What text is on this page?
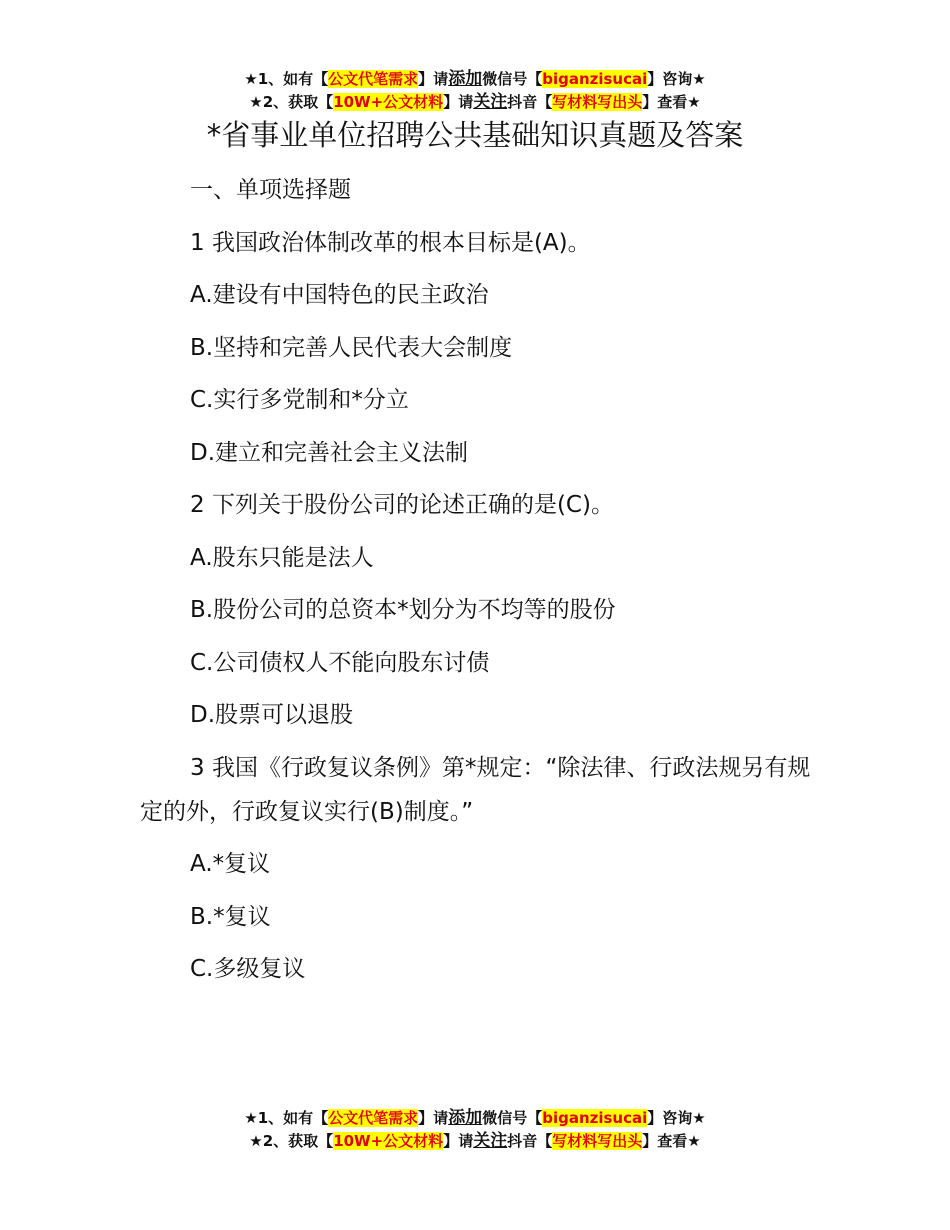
★1、如有【公文代笔需求】请添加微信号【biganzisucai】咨询★
★2、获取【10W+公文材料】请关注抖音【写材料写出头】查看★
*省事业单位招聘公共基础知识真题及答案

一、单项选择题

1 我国政治体制改革的根本目标是(A)。

A.建设有中国特色的民主政治

B.坚持和完善人民代表大会制度

C.实行多党制和*分立

D.建立和完善社会主义法制

2 下列关于股份公司的论述正确的是(C)。

A.股东只能是法人

B.股份公司的总资本*划分为不均等的股份

C.公司债权人不能向股东讨债

D.股票可以退股

3 我国《行政复议条例》第*规定：“除法律、行政法规另有规定的外，行政复议实行(B)制度。”

A.*复议

B.*复议

C.多级复议

★1、如有【公文代笔需求】请添加微信号【biganzisucai】咨询★
★2、获取【10W+公文材料】请关注抖音【写材料写出头】查看★
